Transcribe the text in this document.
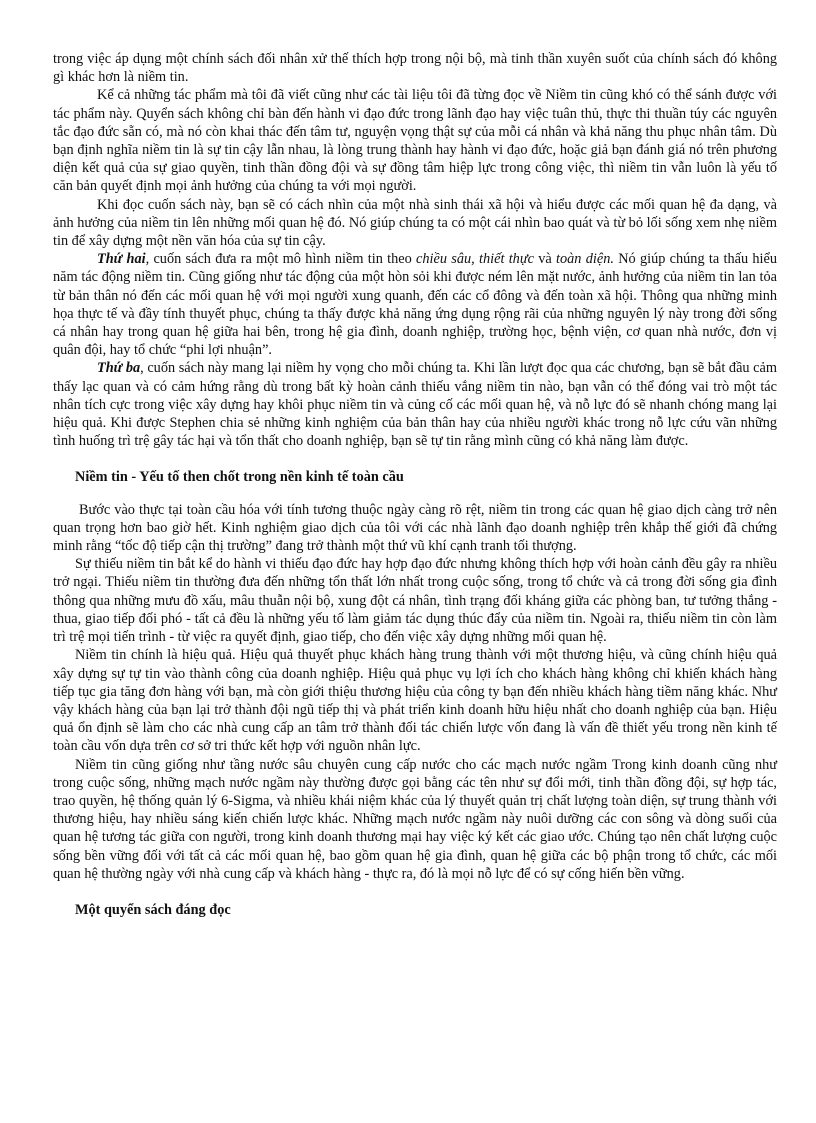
trong việc áp dụng một chính sách đối nhân xử thế thích hợp trong nội bộ, mà tinh thần xuyên suốt của chính sách đó không gì khác hơn là niềm tin.

Kể cả những tác phẩm mà tôi đã viết cũng như các tài liệu tôi đã từng đọc về Niềm tin cũng khó có thể sánh được với tác phẩm này. Quyển sách không chỉ bàn đến hành vi đạo đức trong lãnh đạo hay việc tuân thủ, thực thi thuần túy các nguyên tắc đạo đức sẵn có, mà nó còn khai thác đến tâm tư, nguyện vọng thật sự của mỗi cá nhân và khả năng thu phục nhân tâm. Dù bạn định nghĩa niềm tin là sự tin cậy lẫn nhau, là lòng trung thành hay hành vi đạo đức, hoặc giả bạn đánh giá nó trên phương diện kết quả của sự giao quyền, tinh thần đồng đội và sự đồng tâm hiệp lực trong công việc, thì niềm tin vẫn luôn là yếu tố căn bản quyết định mọi ảnh hưởng của chúng ta với mọi người.

Khi đọc cuốn sách này, bạn sẽ có cách nhìn của một nhà sinh thái xã hội và hiểu được các mối quan hệ đa dạng, và ảnh hưởng của niềm tin lên những mối quan hệ đó. Nó giúp chúng ta có một cái nhìn bao quát và từ bỏ lối sống xem nhẹ niềm tin để xây dựng một nền văn hóa của sự tin cậy.

Thứ hai, cuốn sách đưa ra một mô hình niềm tin theo chiều sâu, thiết thực và toàn diện. Nó giúp chúng ta thấu hiểu năm tác động niềm tin. Cũng giống như tác động của một hòn sỏi khi được ném lên mặt nước, ảnh hưởng của niềm tin lan tỏa từ bản thân nó đến các mối quan hệ với mọi người xung quanh, đến các cổ đông và đến toàn xã hội. Thông qua những minh họa thực tế và đầy tính thuyết phục, chúng ta thấy được khả năng ứng dụng rộng rãi của những nguyên lý này trong đời sống cá nhân hay trong quan hệ giữa hai bên, trong hệ gia đình, doanh nghiệp, trường học, bệnh viện, cơ quan nhà nước, đơn vị quân đội, hay tổ chức “phi lợi nhuận”.

Thứ ba, cuốn sách này mang lại niềm hy vọng cho mỗi chúng ta. Khi lần lượt đọc qua các chương, bạn sẽ bắt đầu cảm thấy lạc quan và có cảm hứng rằng dù trong bất kỳ hoàn cảnh thiếu vắng niềm tin nào, bạn vẫn có thể đóng vai trò một tác nhân tích cực trong việc xây dựng hay khôi phục niềm tin và củng cố các mối quan hệ, và nỗ lực đó sẽ nhanh chóng mang lại hiệu quả. Khi được Stephen chia sẻ những kinh nghiệm của bản thân hay của nhiều người khác trong nỗ lực cứu vãn những tình huống trì trệ gây tác hại và tổn thất cho doanh nghiệp, bạn sẽ tự tin rằng mình cũng có khả năng làm được.

Niềm tin - Yếu tố then chốt trong nền kinh tế toàn cầu

Bước vào thực tại toàn cầu hóa với tính tương thuộc ngày càng rõ rệt, niềm tin trong các quan hệ giao dịch càng trở nên quan trọng hơn bao giờ hết. Kinh nghiệm giao dịch của tôi với các nhà lãnh đạo doanh nghiệp trên khắp thế giới đã chứng minh rằng “tốc độ tiếp cận thị trường” đang trở thành một thứ vũ khí cạnh tranh tối thượng.

Sự thiếu niềm tin bắt kể do hành vi thiếu đạo đức hay hợp đạo đức nhưng không thích hợp với hoàn cảnh đều gây ra nhiều trở ngại. Thiếu niềm tin thường đưa đến những tổn thất lớn nhất trong cuộc sống, trong tổ chức và cả trong đời sống gia đình thông qua những mưu đồ xấu, mâu thuẫn nội bộ, xung đột cá nhân, tình trạng đối kháng giữa các phòng ban, tư tưởng thắng - thua, giao tiếp đối phó - tất cả đều là những yếu tố làm giảm tác dụng thúc đẩy của niềm tin. Ngoài ra, thiếu niềm tin còn làm trì trệ mọi tiến trình - từ việc ra quyết định, giao tiếp, cho đến việc xây dựng những mối quan hệ.

Niềm tin chính là hiệu quả. Hiệu quả thuyết phục khách hàng trung thành với một thương hiệu, và cũng chính hiệu quả xây dựng sự tự tin vào thành công của doanh nghiệp. Hiệu quả phục vụ lợi ích cho khách hàng không chỉ khiến khách hàng tiếp tục gia tăng đơn hàng với bạn, mà còn giới thiệu thương hiệu của công ty bạn đến nhiều khách hàng tiềm năng khác. Như vậy khách hàng của bạn lại trở thành đội ngũ tiếp thị và phát triển kinh doanh hữu hiệu nhất cho doanh nghiệp của bạn. Hiệu quả ổn định sẽ làm cho các nhà cung cấp an tâm trở thành đối tác chiến lược vốn đang là vấn đề thiết yếu trong nền kinh tế toàn cầu vốn dựa trên cơ sở tri thức kết hợp với nguồn nhân lực.

Niềm tin cũng giống như tầng nước sâu chuyên cung cấp nước cho các mạch nước ngầm Trong kinh doanh cũng như trong cuộc sống, những mạch nước ngầm này thường được gọi bằng các tên như sự đổi mới, tinh thần đồng đội, sự hợp tác, trao quyền, hệ thống quản lý 6-Sigma, và nhiều khái niệm khác của lý thuyết quản trị chất lượng toàn diện, sự trung thành với thương hiệu, hay nhiều sáng kiến chiến lược khác. Những mạch nước ngầm này nuôi dưỡng các con sông và dòng suối của quan hệ tương tác giữa con người, trong kinh doanh thương mại hay việc ký kết các giao ước. Chúng tạo nên chất lượng cuộc sống bền vững đối với tất cả các mối quan hệ, bao gồm quan hệ gia đình, quan hệ giữa các bộ phận trong tổ chức, các mối quan hệ thường ngày với nhà cung cấp và khách hàng - thực ra, đó là mọi nỗ lực để có sự cống hiến bền vững.

Một quyển sách đáng đọc
